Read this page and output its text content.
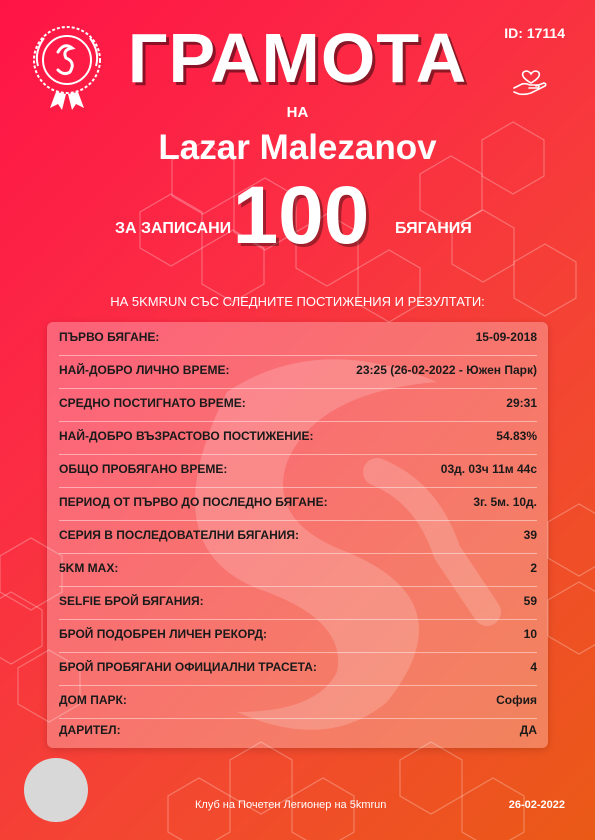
ID: 17114
ГРАМОТА
НА
Lazar Malezanov
ЗА ЗАПИСАНИ 100	БЯГАНИЯ
НА 5KMRUN СЪС СЛЕДНИТЕ ПОСТИЖЕНИЯ И РЕЗУЛТАТИ:
ПЪРВО БЯГАНЕ:	15-09-2018
НАЙ-ДОБРО ЛИЧНО ВРЕМЕ:	23:25 (26-02-2022 - Южен Парк)
СРЕДНО ПОСТИГНАТО ВРЕМЕ:	29:31
НАЙ-ДОБРО ВЪЗРАСТОВО ПОСТИЖЕНИЕ:	54.83%
ОБЩО ПРОБЯГАНО ВРЕМЕ:	03д. 03ч 11м 44с
ПЕРИОД ОТ ПЪРВО ДО ПОСЛЕДНО БЯГАНЕ:	3г. 5м. 10д.
СЕРИЯ В ПОСЛЕДОВАТЕЛНИ БЯГАНИЯ:	39
5KM MAX:	2
SELFIE БРОЙ БЯГАНИЯ:	59
БРОЙ ПОДОБРЕН ЛИЧЕН РЕКОРД:	10
БРОЙ ПРОБЯГАНИ ОФИЦИАЛНИ ТРАСЕТА:	4
ДОМ ПАРК:	София
ДАРИТЕЛ:	ДА
Клуб на Почетен Легионер на 5kmrun	26-02-2022
